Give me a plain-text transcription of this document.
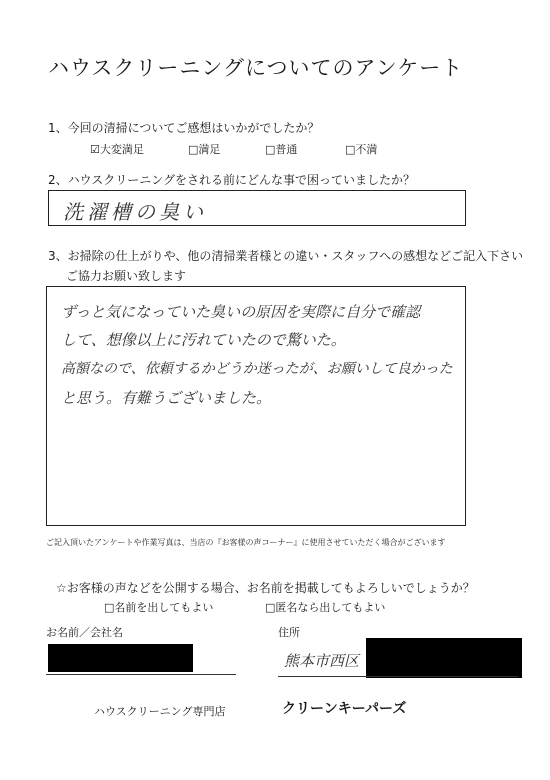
ハウスクリーニングについてのアンケート
1、今回の清掃についてご感想はいかがでしたか？
☑大変満足	□満足	□普通	□不満
2、ハウスクリーニングをされる前にどんな事で困っていましたか？
洗濯槽の臭い
3、お掃除の仕上がりや、他の清掃業者様との違い・スタッフへの感想などご記入下さい
ご協力お願い致します
ずっと気になっていた臭いの原因を実際に自分で確認
して、想像以上に汚れていたので驚いた。
高額なので、依頼するかどうか迷ったが、お願いして良かった
と思う。有難うございました。
ご記入頂いたアンケートや作業写真は、当店の『お客様の声コーナー』に使用させていただく場合がございます
☆お客様の声などを公開する場合、お名前を掲載してもよろしいでしょうか？
□名前を出してもよい	□匿名なら出してもよい
お名前／会社名	住所
熊本市西区
ハウスクリーニング専門店	クリーンキーパーズ
